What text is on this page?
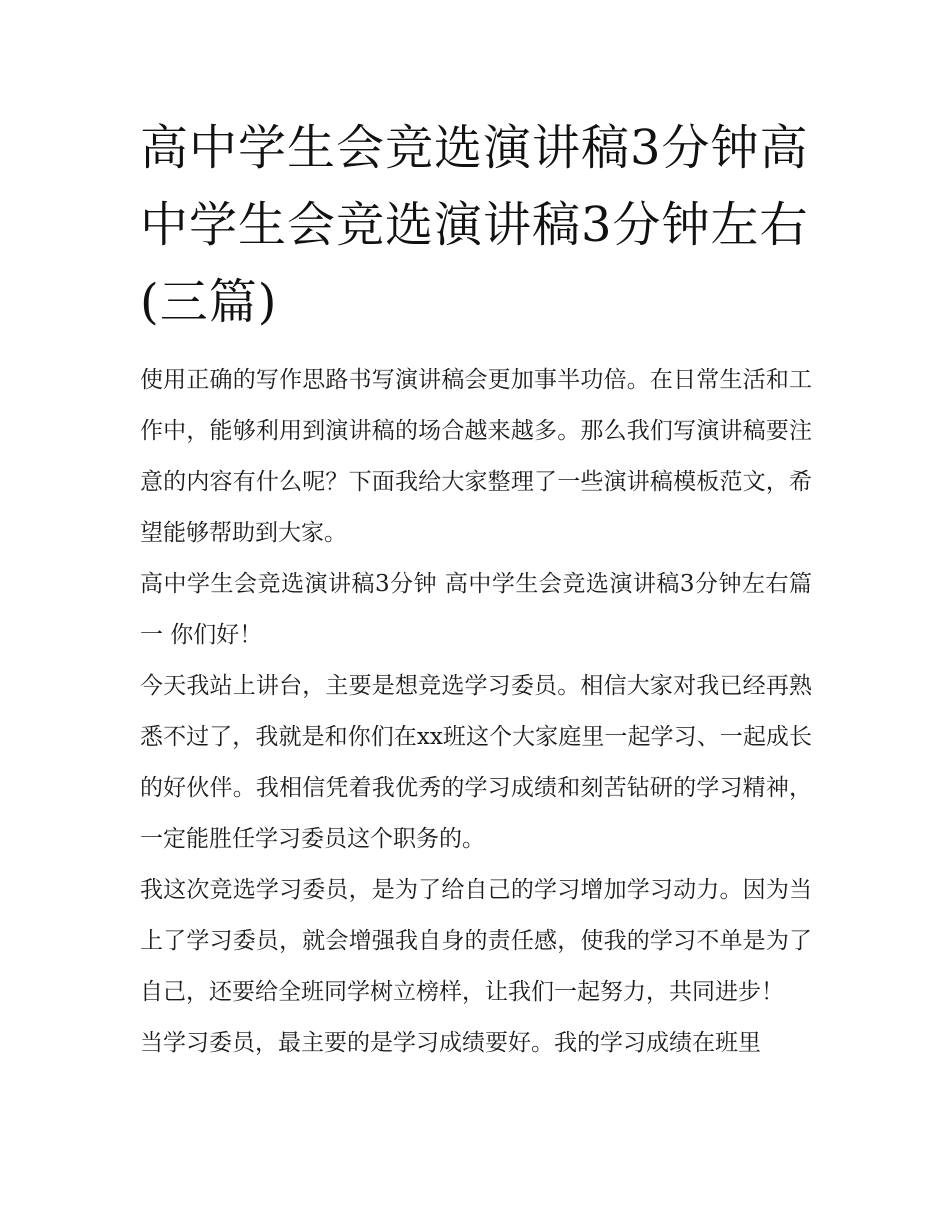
高中学生会竞选演讲稿3分钟高中学生会竞选演讲稿3分钟左右(三篇)

使用正确的写作思路书写演讲稿会更加事半功倍。在日常生活和工作中，能够利用到演讲稿的场合越来越多。那么我们写演讲稿要注意的内容有什么呢？下面我给大家整理了一些演讲稿模板范文，希望能够帮助到大家。

高中学生会竞选演讲稿3分钟 高中学生会竞选演讲稿3分钟左右篇一 你们好！

今天我站上讲台，主要是想竞选学习委员。相信大家对我已经再熟悉不过了，我就是和你们在xx班这个大家庭里一起学习、一起成长的好伙伴。我相信凭着我优秀的学习成绩和刻苦钻研的学习精神，一定能胜任学习委员这个职务的。

我这次竞选学习委员，是为了给自己的学习增加学习动力。因为当上了学习委员，就会增强我自身的责任感，使我的学习不单是为了自己，还要给全班同学树立榜样，让我们一起努力，共同进步！

当学习委员，最主要的是学习成绩要好。我的学习成绩在班里
